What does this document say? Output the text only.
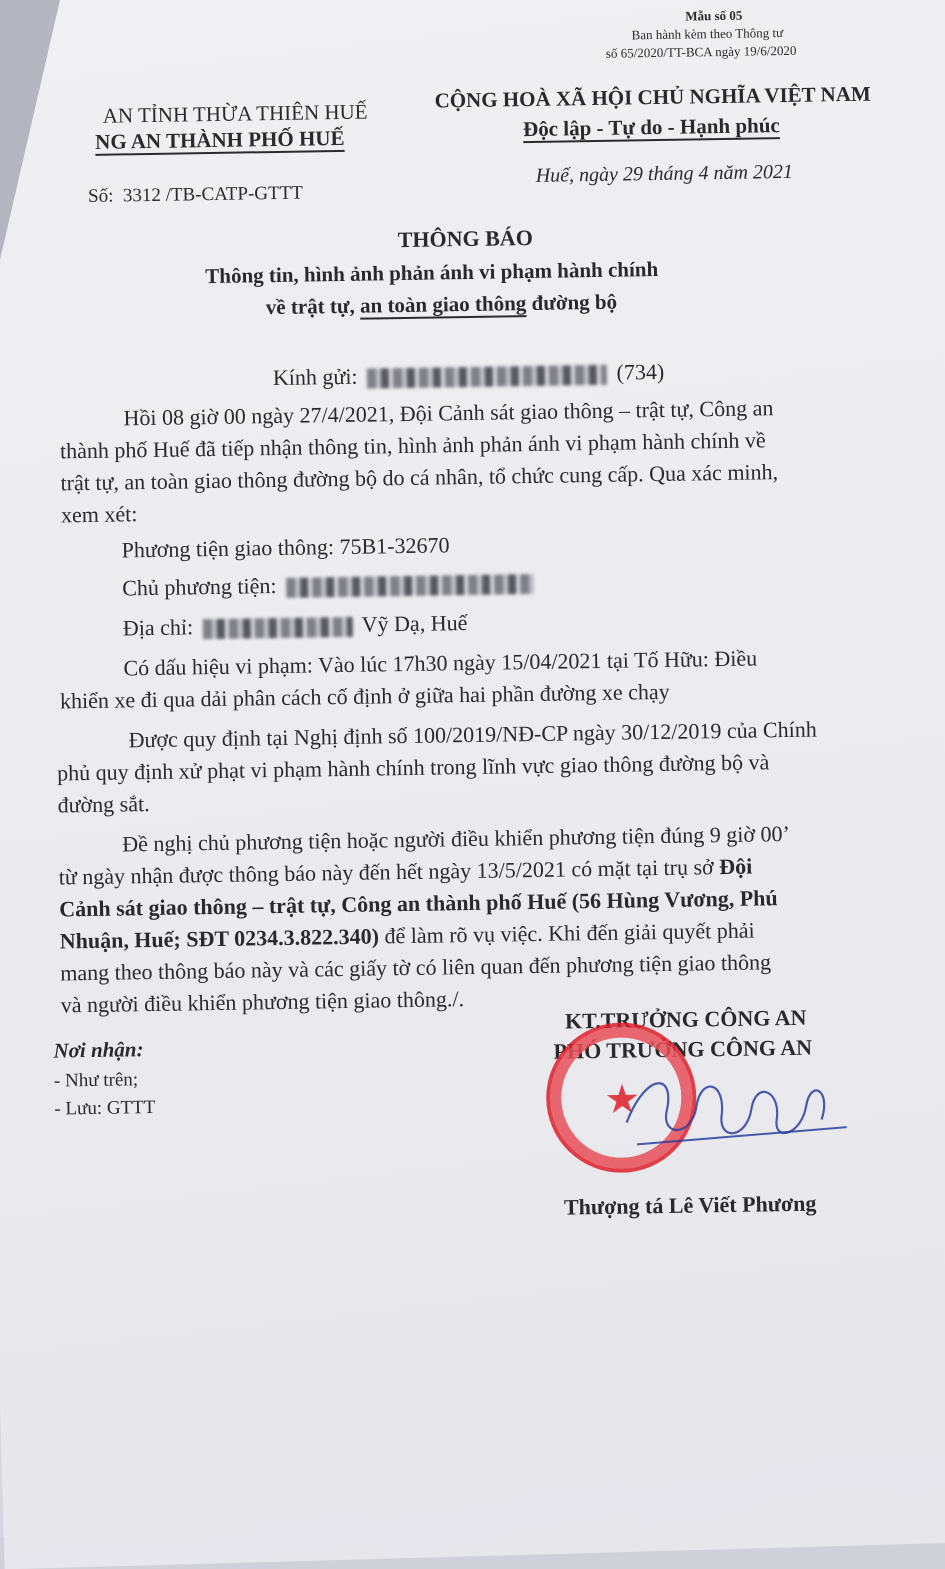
Mẫu số 05
Ban hành kèm theo Thông tư
số 65/2020/TT-BCA ngày 19/6/2020
AN TỈNH THỪA THIÊN HUẾ
NG AN THÀNH PHỐ HUẾ
Số: 3312 /TB-CATP-GTTT
CỘNG HOÀ XÃ HỘI CHỦ NGHĨA VIỆT NAM
Độc lập - Tự do - Hạnh phúc
Huế, ngày 29 tháng 4 năm 2021
THÔNG BÁO
Thông tin, hình ảnh phản ánh vi phạm hành chính
về trật tự, an toàn giao thông đường bộ
Kính gửi:	(734)
Hồi 08 giờ 00 ngày 27/4/2021, Đội Cảnh sát giao thông – trật tự, Công an
thành phố Huế đã tiếp nhận thông tin, hình ảnh phản ánh vi phạm hành chính về
trật tự, an toàn giao thông đường bộ do cá nhân, tổ chức cung cấp. Qua xác minh,
xem xét:
Phương tiện giao thông: 75B1-32670
Chủ phương tiện:
Địa chỉ:	Vỹ Dạ, Huế
Có dấu hiệu vi phạm: Vào lúc 17h30 ngày 15/04/2021 tại Tố Hữu: Điều
khiển xe đi qua dải phân cách cố định ở giữa hai phần đường xe chạy
Được quy định tại Nghị định số 100/2019/NĐ-CP ngày 30/12/2019 của Chính
phủ quy định xử phạt vi phạm hành chính trong lĩnh vực giao thông đường bộ và
đường sắt.
Đề nghị chủ phương tiện hoặc người điều khiển phương tiện đúng 9 giờ 00’
từ ngày nhận được thông báo này đến hết ngày 13/5/2021 có mặt tại trụ sở Đội
Cảnh sát giao thông – trật tự, Công an thành phố Huế (56 Hùng Vương, Phú
Nhuận, Huế; SĐT 0234.3.822.340) để làm rõ vụ việc. Khi đến giải quyết phải
mang theo thông báo này và các giấy tờ có liên quan đến phương tiện giao thông
và người điều khiển phương tiện giao thông./.
Nơi nhận:
- Như trên;
- Lưu: GTTT
KT.TRƯỞNG CÔNG AN
PHÓ TRƯỞNG CÔNG AN
★
Thượng tá Lê Viết Phương
